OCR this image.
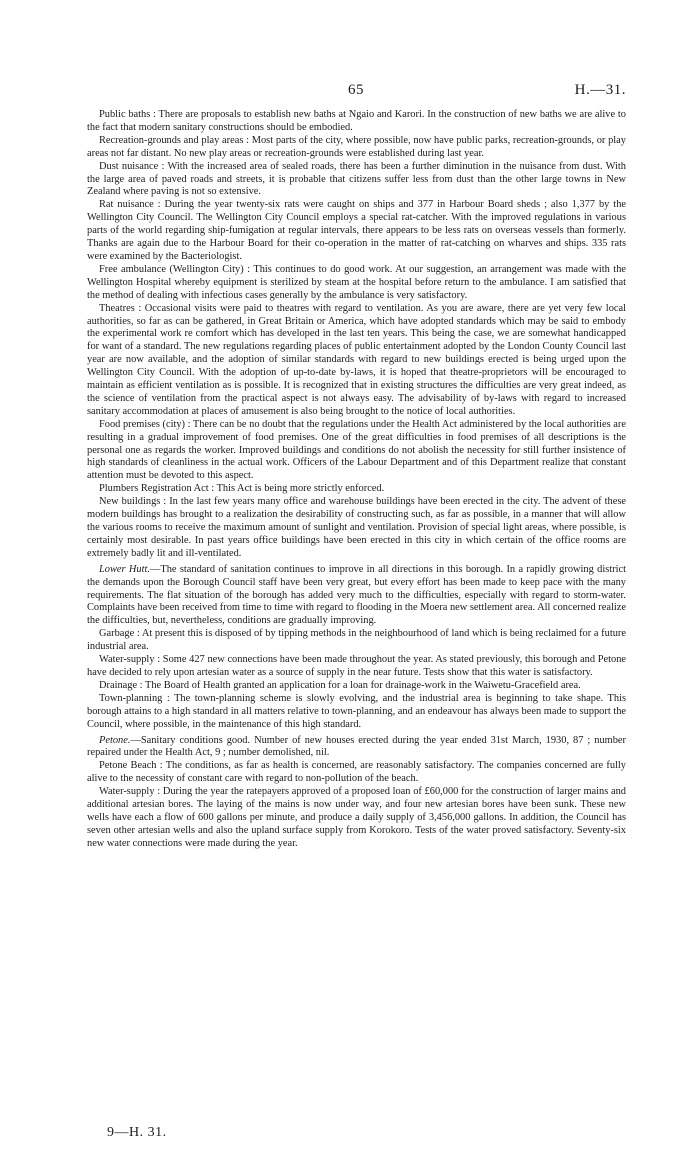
65	H.—31.

Public baths : There are proposals to establish new baths at Ngaio and Karori. In the construction of new baths we are alive to the fact that modern sanitary constructions should be embodied.

Recreation-grounds and play areas : Most parts of the city, where possible, now have public parks, recreation-grounds, or play areas not far distant. No new play areas or recreation-grounds were established during last year.

Dust nuisance : With the increased area of sealed roads, there has been a further diminution in the nuisance from dust. With the large area of paved roads and streets, it is probable that citizens suffer less from dust than the other large towns in New Zealand where paving is not so extensive.

Rat nuisance : During the year twenty-six rats were caught on ships and 377 in Harbour Board sheds ; also 1,377 by the Wellington City Council. The Wellington City Council employs a special rat-catcher. With the improved regulations in various parts of the world regarding ship-fumigation at regular intervals, there appears to be less rats on overseas vessels than formerly. Thanks are again due to the Harbour Board for their co-operation in the matter of rat-catching on wharves and ships. 335 rats were examined by the Bacteriologist.

Free ambulance (Wellington City) : This continues to do good work. At our suggestion, an arrangement was made with the Wellington Hospital whereby equipment is sterilized by steam at the hospital before return to the ambulance. I am satisfied that the method of dealing with infectious cases generally by the ambulance is very satisfactory.

Theatres : Occasional visits were paid to theatres with regard to ventilation. As you are aware, there are yet very few local authorities, so far as can be gathered, in Great Britain or America, which have adopted standards which may be said to embody the experimental work re comfort which has developed in the last ten years. This being the case, we are somewhat handicapped for want of a standard. The new regulations regarding places of public entertainment adopted by the London County Council last year are now available, and the adoption of similar standards with regard to new buildings erected is being urged upon the Wellington City Council. With the adoption of up-to-date by-laws, it is hoped that theatre-proprietors will be encouraged to maintain as efficient ventilation as is possible. It is recognized that in existing structures the difficulties are very great indeed, as the science of ventilation from the practical aspect is not always easy. The advisability of by-laws with regard to increased sanitary accommodation at places of amusement is also being brought to the notice of local authorities.

Food premises (city) : There can be no doubt that the regulations under the Health Act administered by the local authorities are resulting in a gradual improvement of food premises. One of the great difficulties in food premises of all descriptions is the personal one as regards the worker. Improved buildings and conditions do not abolish the necessity for still further insistence of high standards of cleanliness in the actual work. Officers of the Labour Department and of this Department realize that constant attention must be devoted to this aspect.

Plumbers Registration Act : This Act is being more strictly enforced.

New buildings : In the last few years many office and warehouse buildings have been erected in the city. The advent of these modern buildings has brought to a realization the desirability of constructing such, as far as possible, in a manner that will allow the various rooms to receive the maximum amount of sunlight and ventilation. Provision of special light areas, where possible, is certainly most desirable. In past years office buildings have been erected in this city in which certain of the office rooms are extremely badly lit and ill-ventilated.

Lower Hutt.—The standard of sanitation continues to improve in all directions in this borough. In a rapidly growing district the demands upon the Borough Council staff have been very great, but every effort has been made to keep pace with the many requirements. The flat situation of the borough has added very much to the difficulties, especially with regard to storm-water. Complaints have been received from time to time with regard to flooding in the Moera new settlement area. All concerned realize the difficulties, but, nevertheless, conditions are gradually improving.

Garbage : At present this is disposed of by tipping methods in the neighbourhood of land which is being reclaimed for a future industrial area.

Water-supply : Some 427 new connections have been made throughout the year. As stated previously, this borough and Petone have decided to rely upon artesian water as a source of supply in the near future. Tests show that this water is satisfactory.

Drainage : The Board of Health granted an application for a loan for drainage-work in the Waiwetu-Gracefield area.

Town-planning : The town-planning scheme is slowly evolving, and the industrial area is beginning to take shape. This borough attains to a high standard in all matters relative to town-planning, and an endeavour has always been made to support the Council, where possible, in the maintenance of this high standard.

Petone.—Sanitary conditions good. Number of new houses erected during the year ended 31st March, 1930, 87 ; number repaired under the Health Act, 9 ; number demolished, nil.

Petone Beach : The conditions, as far as health is concerned, are reasonably satisfactory. The companies concerned are fully alive to the necessity of constant care with regard to non-pollution of the beach.

Water-supply : During the year the ratepayers approved of a proposed loan of £60,000 for the construction of larger mains and additional artesian bores. The laying of the mains is now under way, and four new artesian bores have been sunk. These new wells have each a flow of 600 gallons per minute, and produce a daily supply of 3,456,000 gallons. In addition, the Council has seven other artesian wells and also the upland surface supply from Korokoro. Tests of the water proved satisfactory. Seventy-six new water connections were made during the year.

9—H. 31.
